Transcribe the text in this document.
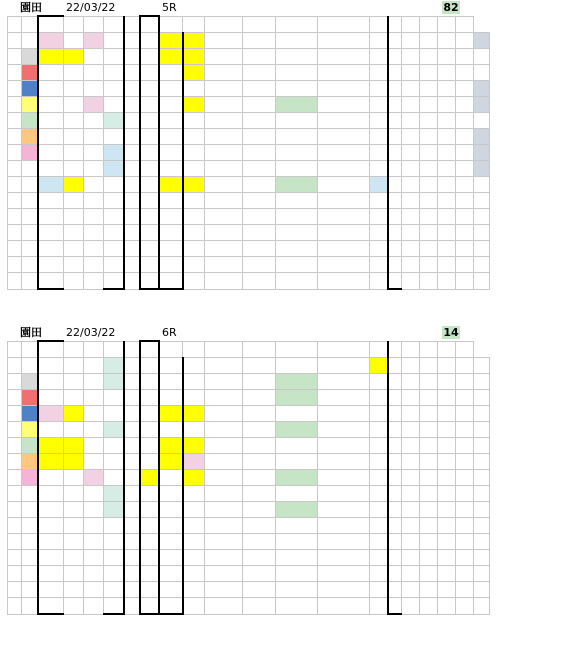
園田 22/03/22	5R	82

園田 22/03/22	6R	14
